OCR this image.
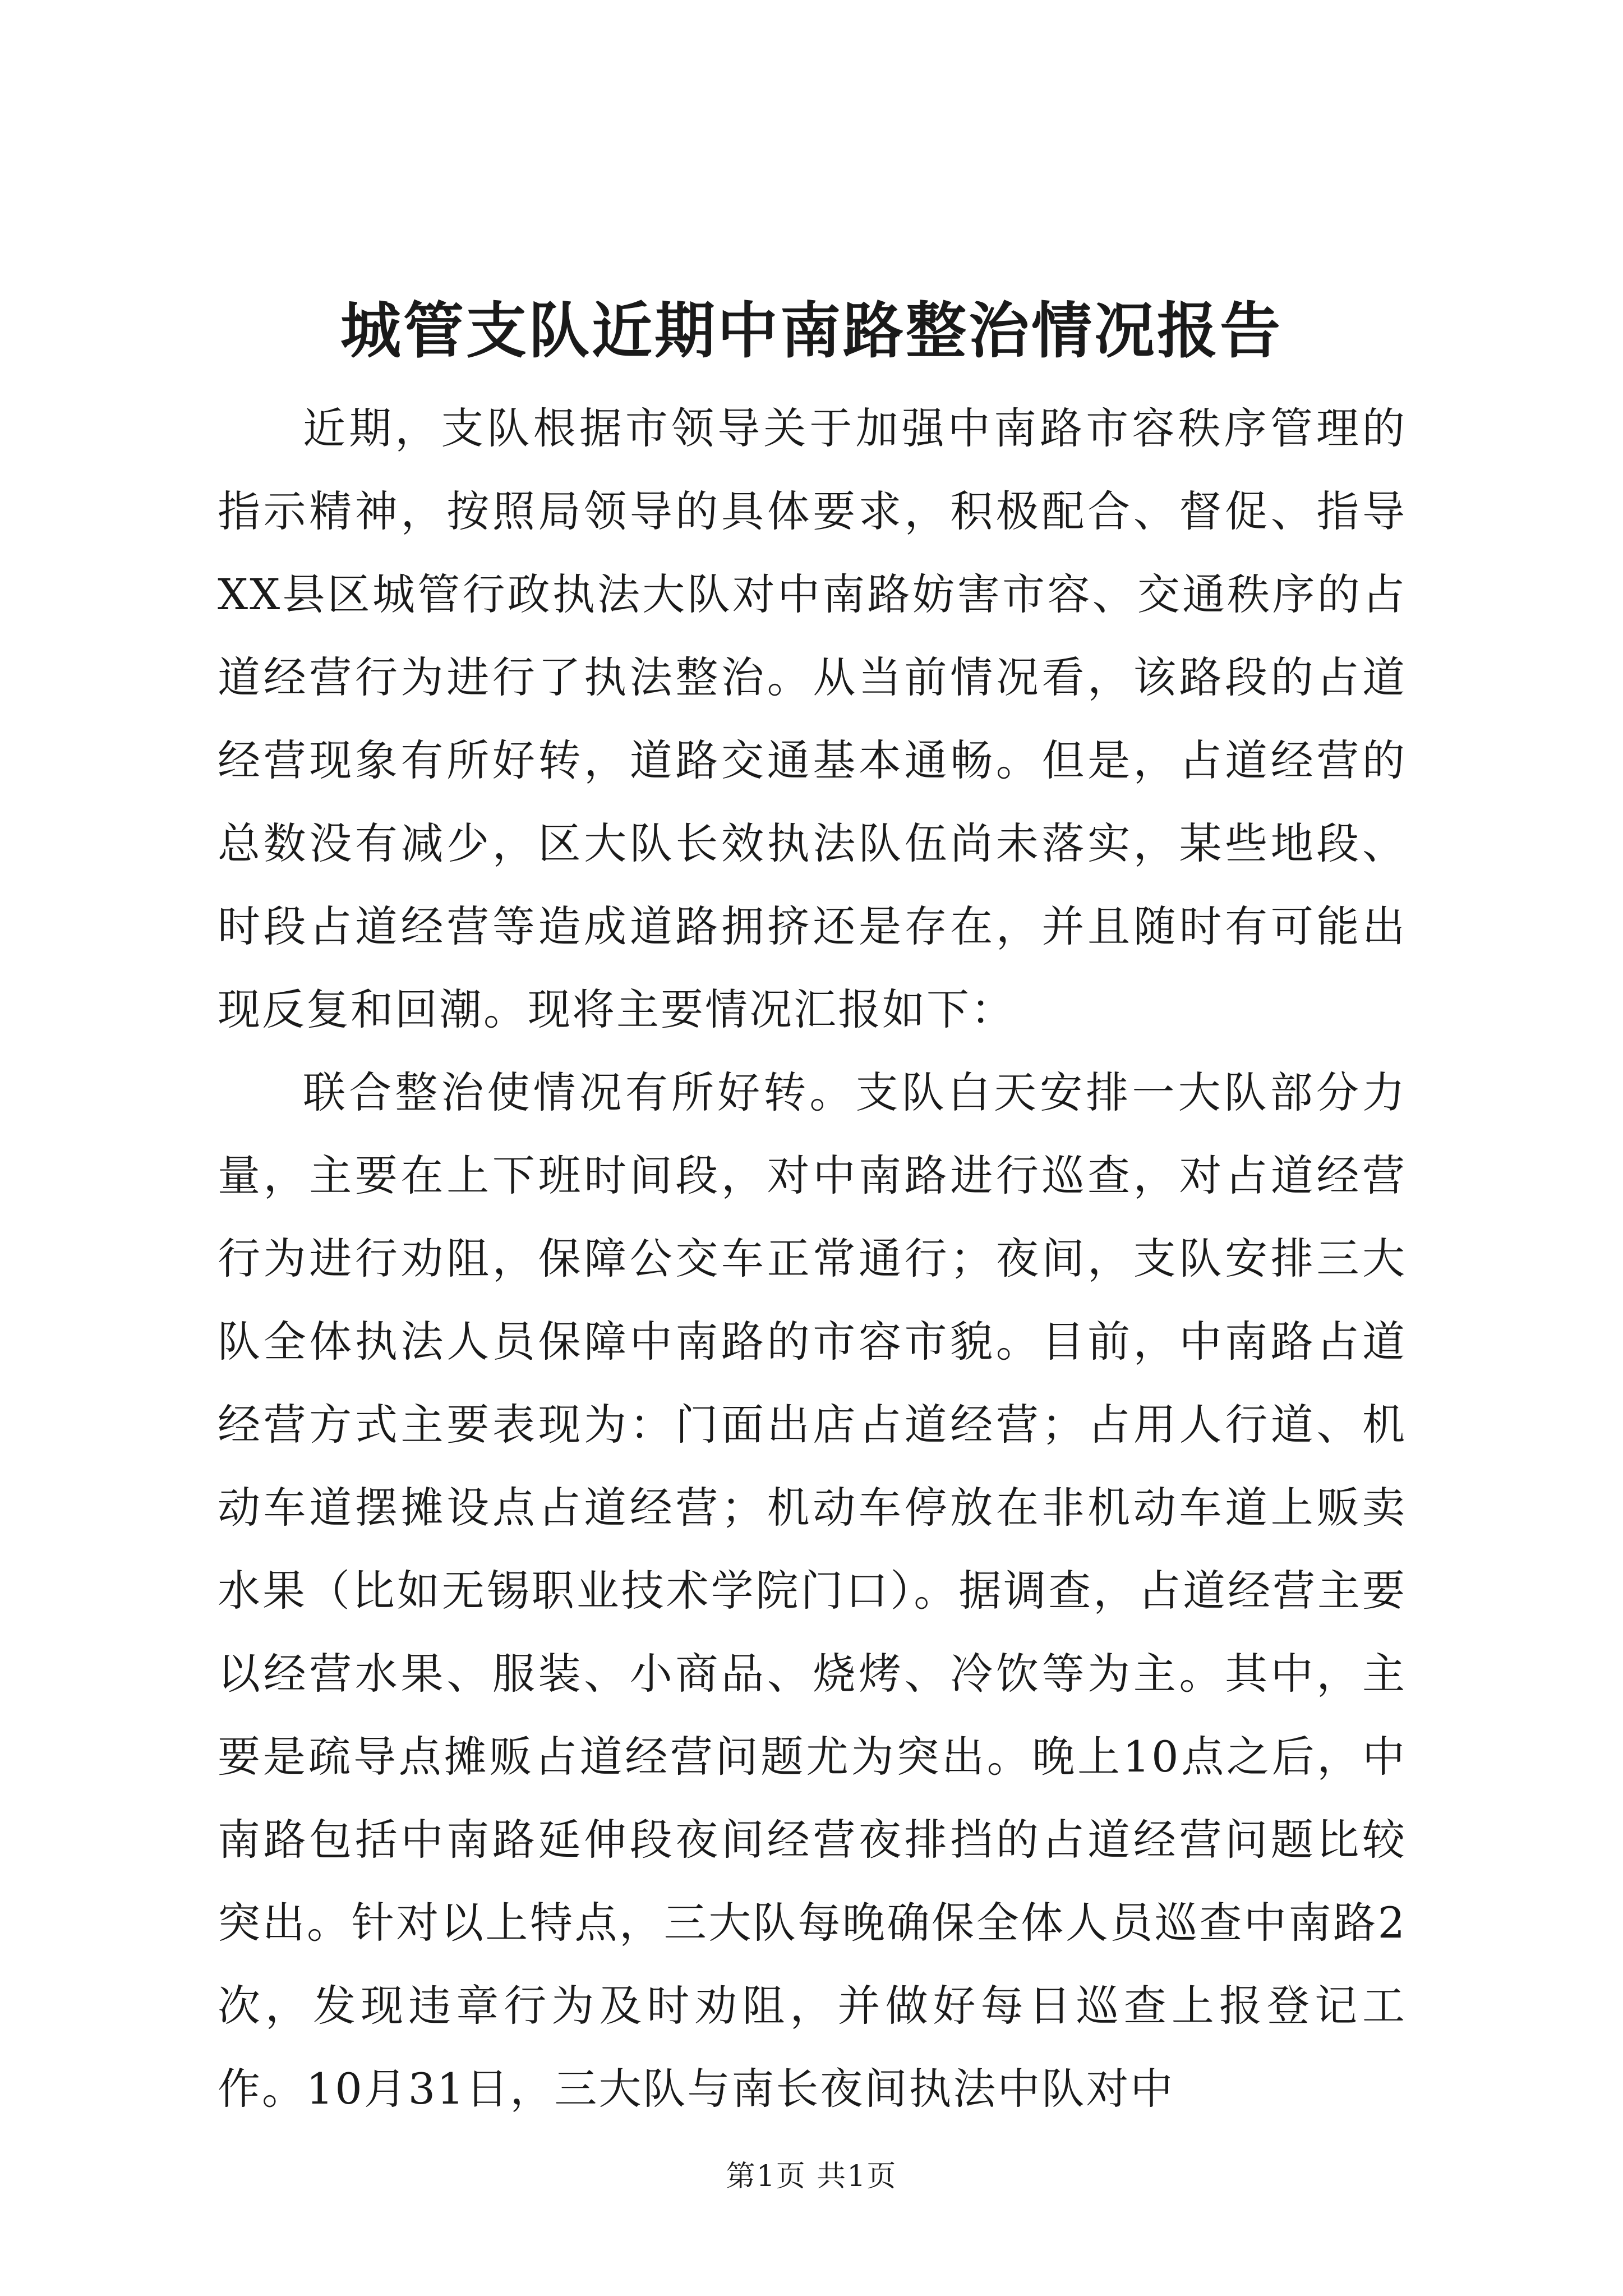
城管支队近期中南路整治情况报告

近期，支队根据市领导关于加强中南路市容秩序管理的指示精神，按照局领导的具体要求，积极配合、督促、指导XX县区城管行政执法大队对中南路妨害市容、交通秩序的占道经营行为进行了执法整治。从当前情况看，该路段的占道经营现象有所好转，道路交通基本通畅。但是，占道经营的总数没有减少，区大队长效执法队伍尚未落实，某些地段、时段占道经营等造成道路拥挤还是存在，并且随时有可能出现反复和回潮。现将主要情况汇报如下：

联合整治使情况有所好转。支队白天安排一大队部分力量，主要在上下班时间段，对中南路进行巡查，对占道经营行为进行劝阻，保障公交车正常通行；夜间，支队安排三大队全体执法人员保障中南路的市容市貌。目前，中南路占道经营方式主要表现为：门面出店占道经营；占用人行道、机动车道摆摊设点占道经营；机动车停放在非机动车道上贩卖水果（比如无锡职业技术学院门口）。据调查，占道经营主要以经营水果、服装、小商品、烧烤、冷饮等为主。其中，主要是疏导点摊贩占道经营问题尤为突出。晚上10点之后，中南路包括中南路延伸段夜间经营夜排挡的占道经营问题比较突出。针对以上特点，三大队每晚确保全体人员巡查中南路2次，发现违章行为及时劝阻，并做好每日巡查上报登记工作。10月31日，三大队与南长夜间执法中队对中

第1页 共1页
